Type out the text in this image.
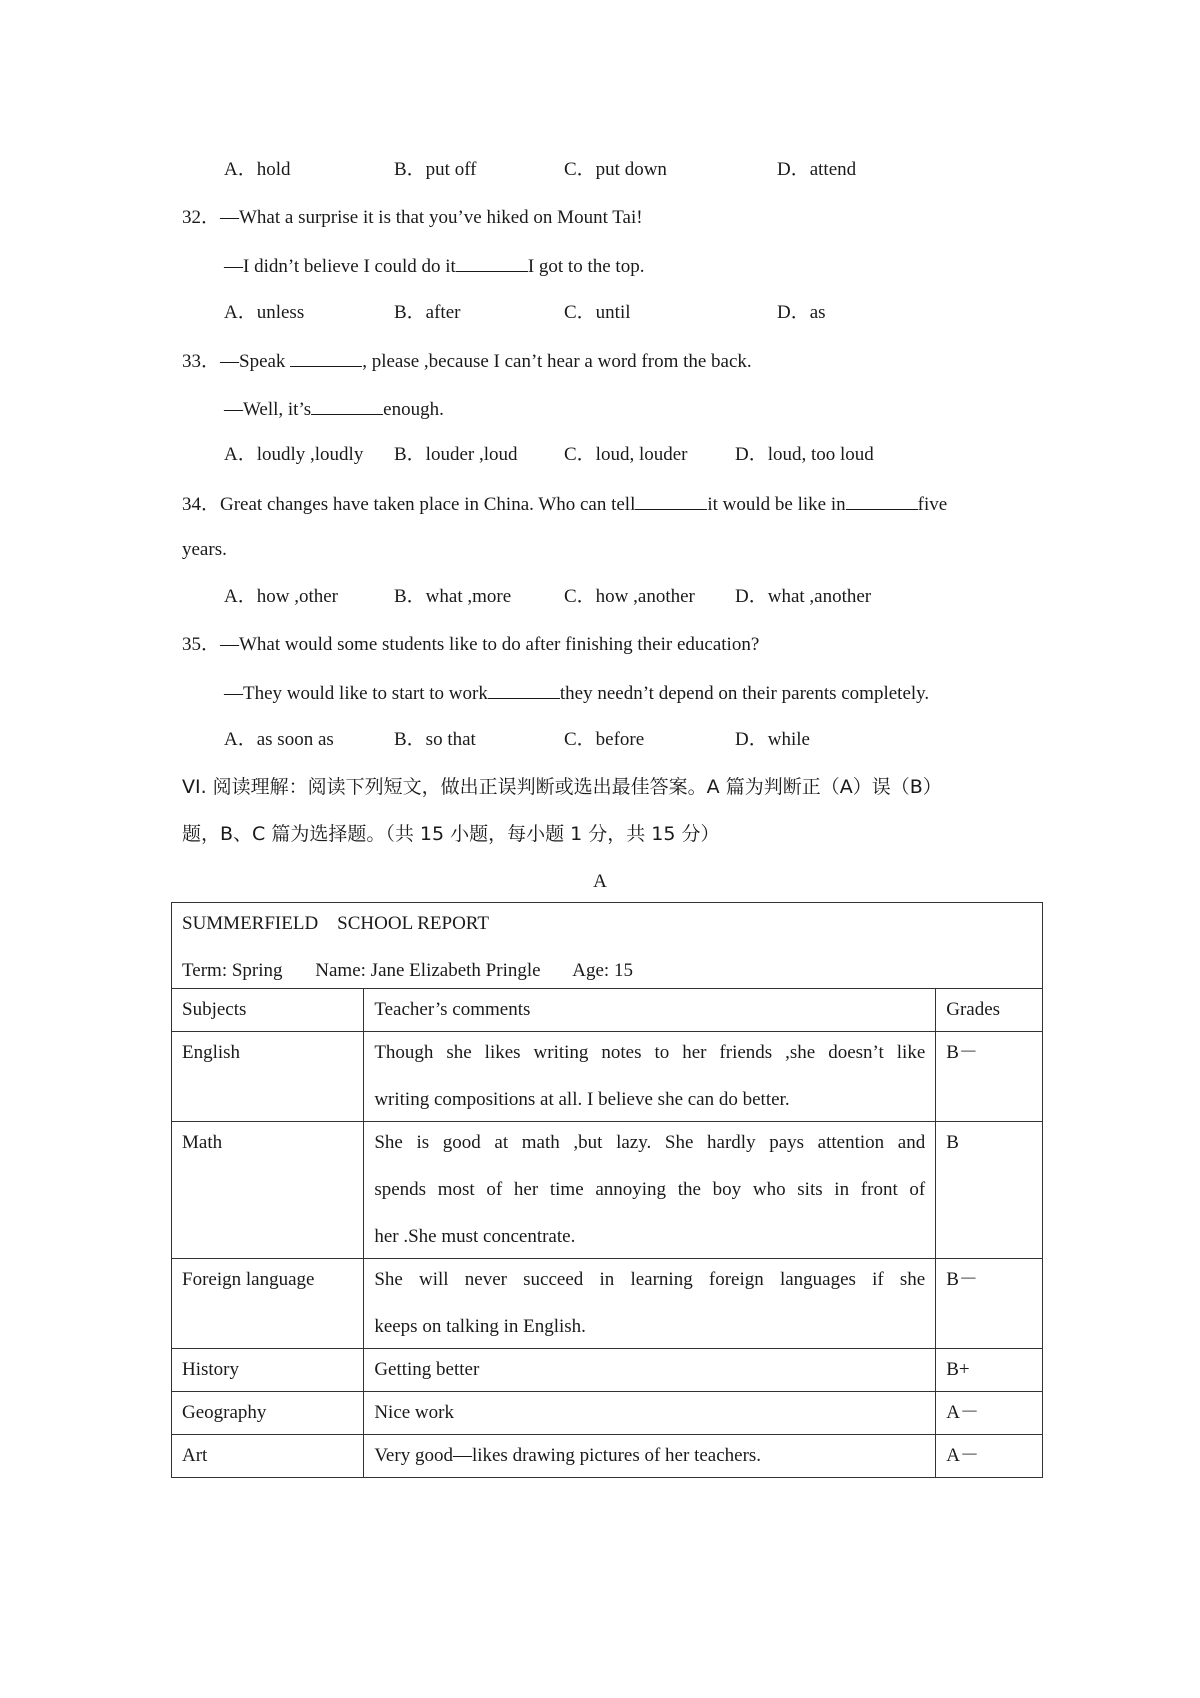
A．hold	B．put off	C．put down	D．attend
32．—What a surprise it is that you’ve hiked on Mount Tai!
—I didn’t believe I could do it	I got to the top.
A．unless	B．after	C．until	D．as
33．—Speak	, please ,because I can’t hear a word from the back.
—Well, it’s	enough.
A．loudly ,loudly B．louder ,loud C．loud, louder	D．loud, too loud
34．Great changes have taken place in China. Who can tell	it would be like in	five
years.
A．how ,other	B．what ,more	C．how ,another D．what ,another
35．—What would some students like to do after finishing their education?
—They would like to start to work	they needn’t depend on their parents completely.
A．as soon as	B．so that	C．before	D．while
VI. 阅读理解：阅读下列短文，做出正误判断或选出最佳答案。A 篇为判断正（A）误（B）
题，B、C 篇为选择题。（共 15 小题，每小题 1 分，共 15 分）
A
SUMMERFIELD    SCHOOL REPORT
Term: Spring Name: Jane Elizabeth Pringle Age: 15		

Subjects	Teacher’s comments	Grades

English	Though she likes writing notes to her friends ,she doesn’t like
writing compositions at all. I believe she can do better.	B－

Math	She is good at math ,but lazy. She hardly pays attention and
spends most of her time annoying the boy who sits in front of
her .She must concentrate.	B

Foreign language	She will never succeed in learning foreign languages if she
keeps on talking in English.	B－

History	Getting better	B+

Geography	Nice work	A－

Art	Very good—likes drawing pictures of her teachers.	A－
